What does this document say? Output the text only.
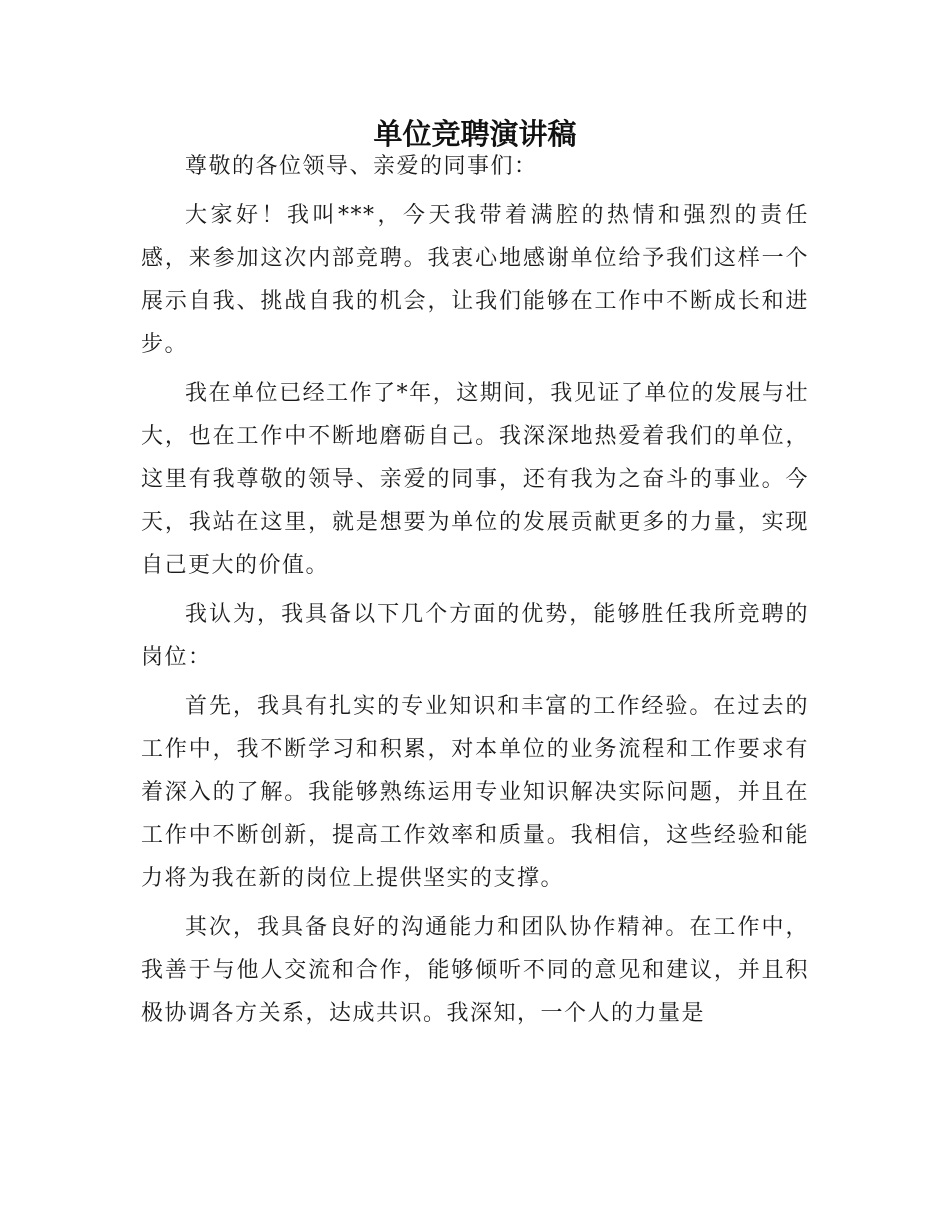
单位竞聘演讲稿

尊敬的各位领导、亲爱的同事们：

大家好！我叫***，今天我带着满腔的热情和强烈的责任感，来参加这次内部竞聘。我衷心地感谢单位给予我们这样一个展示自我、挑战自我的机会，让我们能够在工作中不断成长和进步。

我在单位已经工作了*年，这期间，我见证了单位的发展与壮大，也在工作中不断地磨砺自己。我深深地热爱着我们的单位，这里有我尊敬的领导、亲爱的同事，还有我为之奋斗的事业。今天，我站在这里，就是想要为单位的发展贡献更多的力量，实现自己更大的价值。

我认为，我具备以下几个方面的优势，能够胜任我所竞聘的岗位：

首先，我具有扎实的专业知识和丰富的工作经验。在过去的工作中，我不断学习和积累，对本单位的业务流程和工作要求有着深入的了解。我能够熟练运用专业知识解决实际问题，并且在工作中不断创新，提高工作效率和质量。我相信，这些经验和能力将为我在新的岗位上提供坚实的支撑。

其次，我具备良好的沟通能力和团队协作精神。在工作中，我善于与他人交流和合作，能够倾听不同的意见和建议，并且积极协调各方关系，达成共识。我深知，一个人的力量是
